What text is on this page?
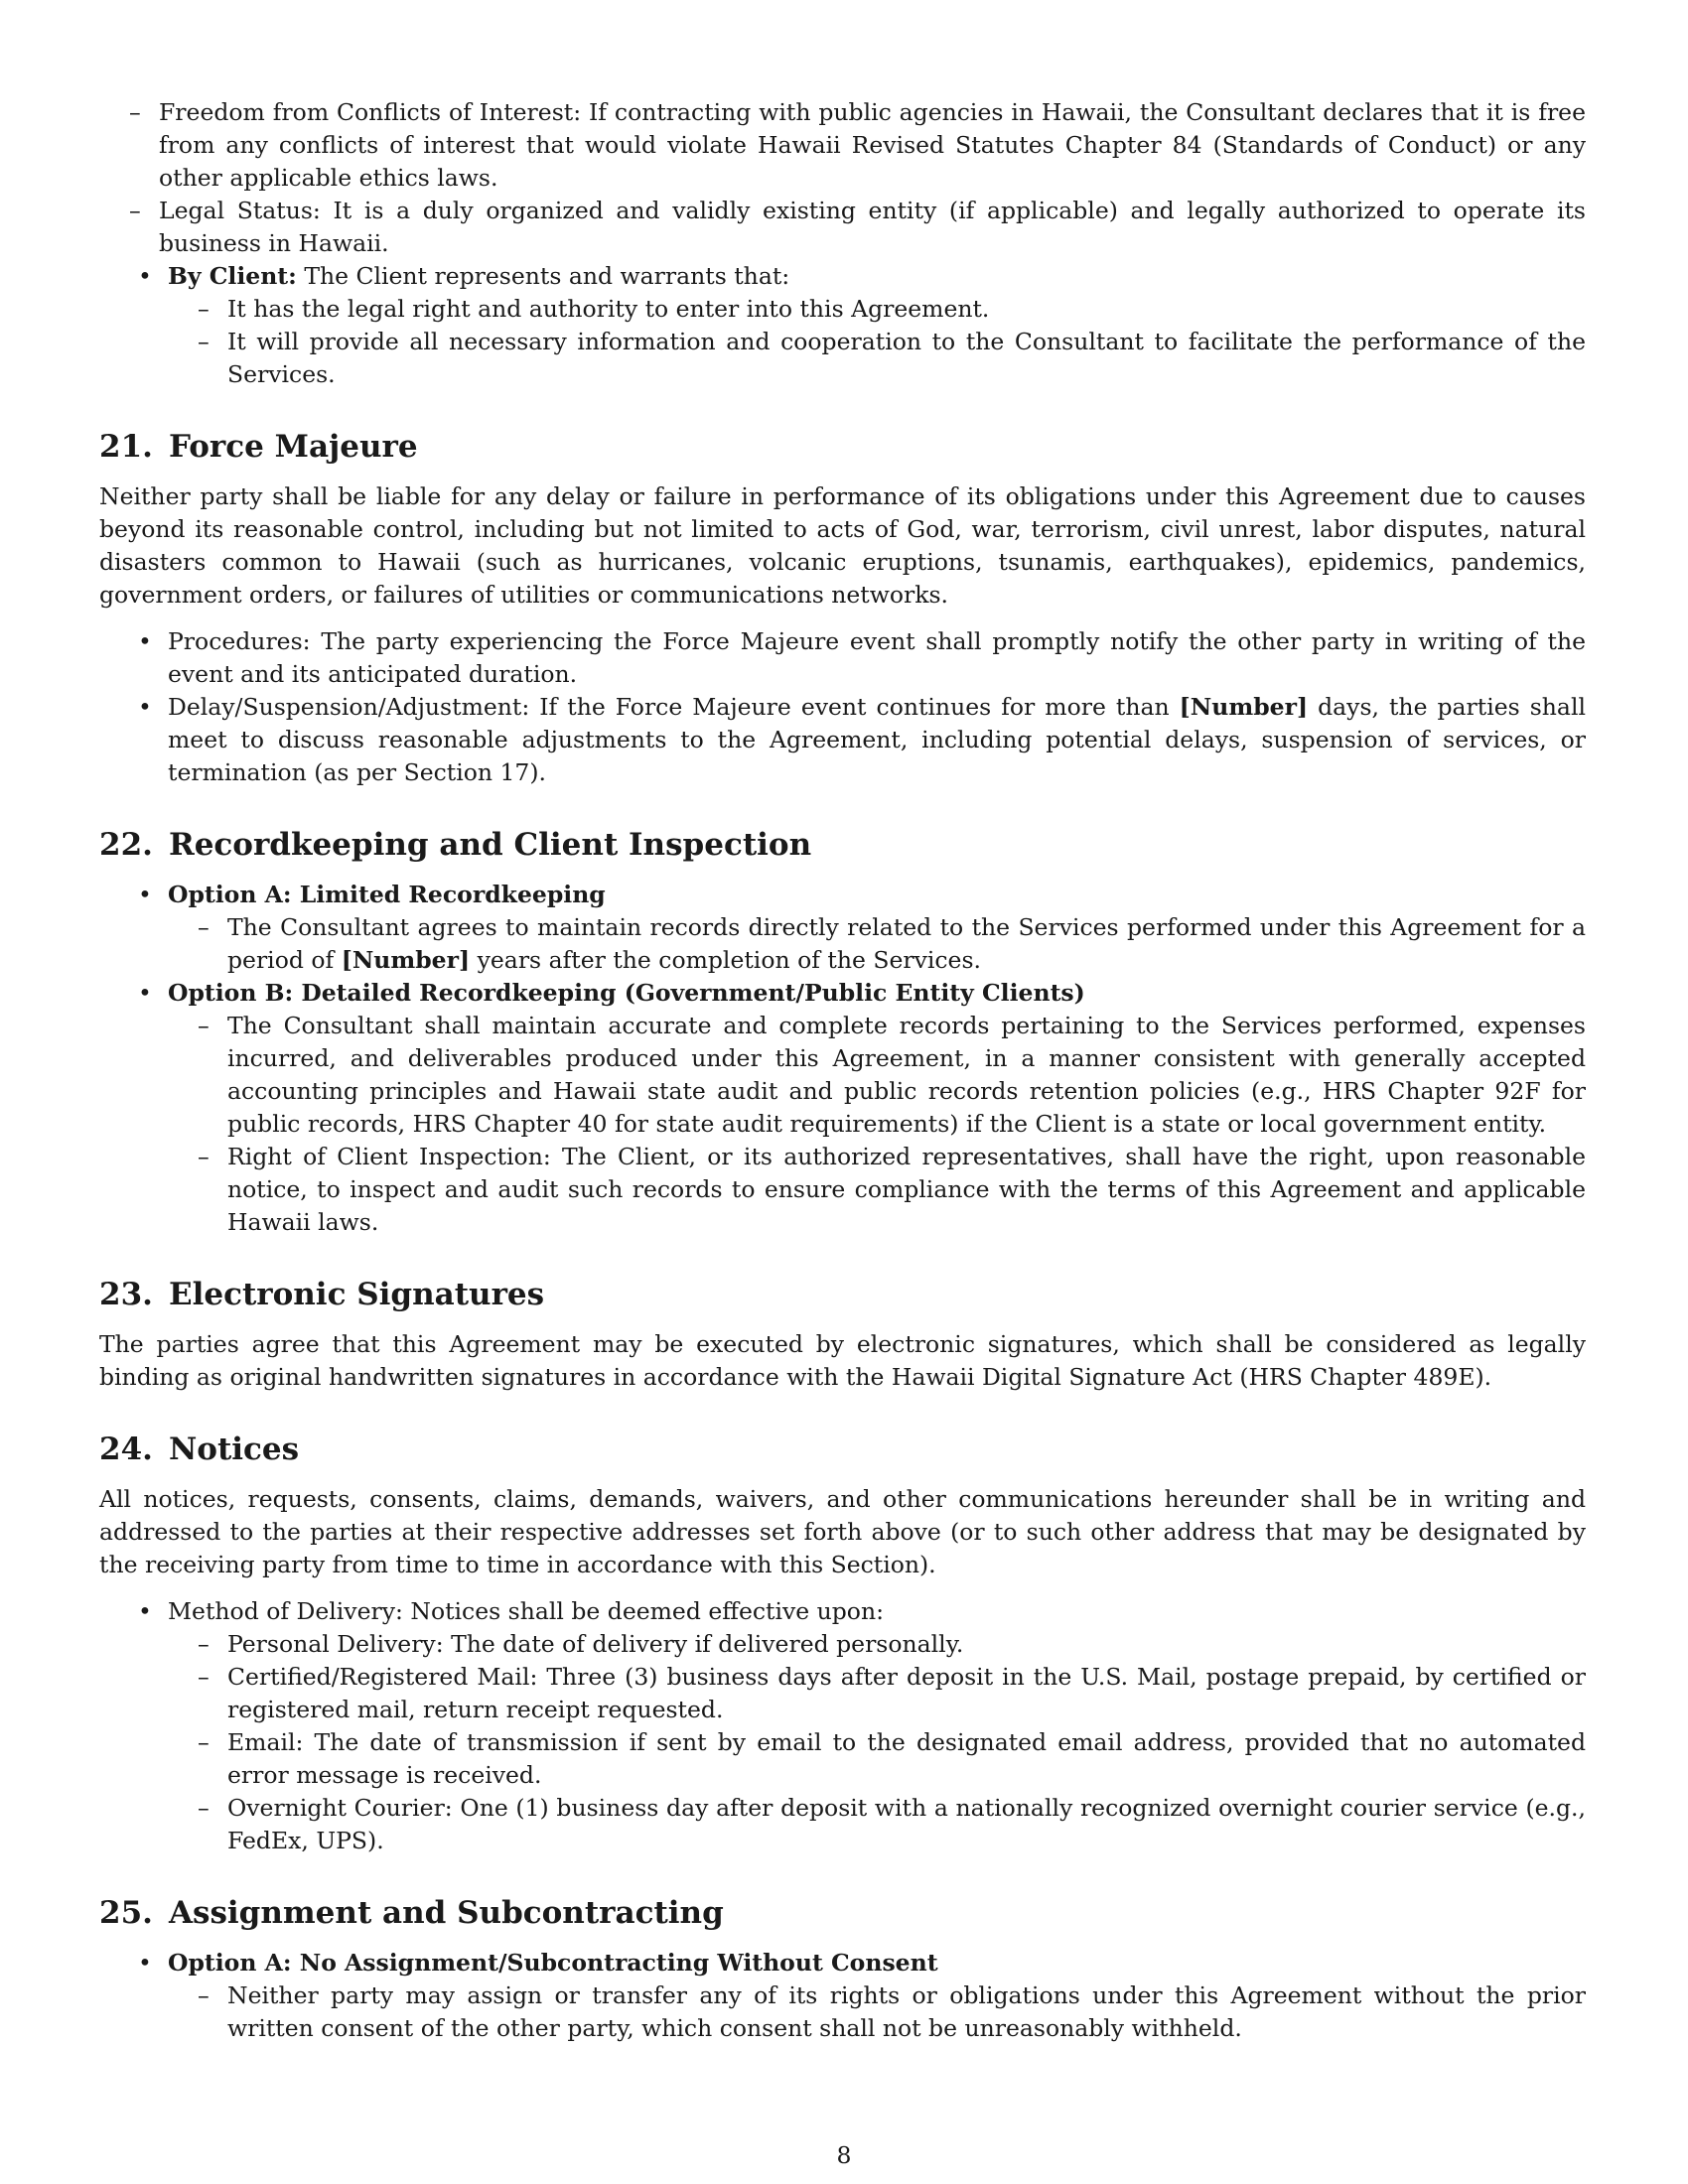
– Freedom from Conflicts of Interest: If contracting with public agencies in Hawaii, the Consultant declares that it is free from any conflicts of interest that would violate Hawaii Revised Statutes Chapter 84 (Standards of Conduct) or any other applicable ethics laws.
– Legal Status: It is a duly organized and validly existing entity (if applicable) and legally authorized to operate its business in Hawaii.
• By Client: The Client represents and warrants that:
– It has the legal right and authority to enter into this Agreement.
– It will provide all necessary information and cooperation to the Consultant to facilitate the performance of the Services.
21. Force Majeure

Neither party shall be liable for any delay or failure in performance of its obligations under this Agreement due to causes beyond its reasonable control, including but not limited to acts of God, war, terrorism, civil unrest, labor disputes, natural disasters common to Hawaii (such as hurricanes, volcanic eruptions, tsunamis, earthquakes), epidemics, pandemics, government orders, or failures of utilities or communications networks.

• Procedures: The party experiencing the Force Majeure event shall promptly notify the other party in writing of the event and its anticipated duration.
• Delay/Suspension/Adjustment: If the Force Majeure event continues for more than [Number] days, the parties shall meet to discuss reasonable adjustments to the Agreement, including potential delays, suspension of services, or termination (as per Section 17).
22. Recordkeeping and Client Inspection
• Option A: Limited Recordkeeping
– The Consultant agrees to maintain records directly related to the Services performed under this Agreement for a period of [Number] years after the completion of the Services.
• Option B: Detailed Recordkeeping (Government/Public Entity Clients)
– The Consultant shall maintain accurate and complete records pertaining to the Services performed, expenses incurred, and deliverables produced under this Agreement, in a manner consistent with generally accepted accounting principles and Hawaii state audit and public records retention policies (e.g., HRS Chapter 92F for public records, HRS Chapter 40 for state audit requirements) if the Client is a state or local government entity.
– Right of Client Inspection: The Client, or its authorized representatives, shall have the right, upon reasonable notice, to inspect and audit such records to ensure compliance with the terms of this Agreement and applicable Hawaii laws.
23. Electronic Signatures

The parties agree that this Agreement may be executed by electronic signatures, which shall be considered as legally binding as original handwritten signatures in accordance with the Hawaii Digital Signature Act (HRS Chapter 489E).

24. Notices

All notices, requests, consents, claims, demands, waivers, and other communications hereunder shall be in writing and addressed to the parties at their respective addresses set forth above (or to such other address that may be designated by the receiving party from time to time in accordance with this Section).

• Method of Delivery: Notices shall be deemed effective upon:
– Personal Delivery: The date of delivery if delivered personally.
– Certified/Registered Mail: Three (3) business days after deposit in the U.S. Mail, postage prepaid, by certified or registered mail, return receipt requested.
– Email: The date of transmission if sent by email to the designated email address, provided that no automated error message is received.
– Overnight Courier: One (1) business day after deposit with a nationally recognized overnight courier service (e.g., FedEx, UPS).
25. Assignment and Subcontracting
• Option A: No Assignment/Subcontracting Without Consent
– Neither party may assign or transfer any of its rights or obligations under this Agreement without the prior written consent of the other party, which consent shall not be unreasonably withheld.
8
